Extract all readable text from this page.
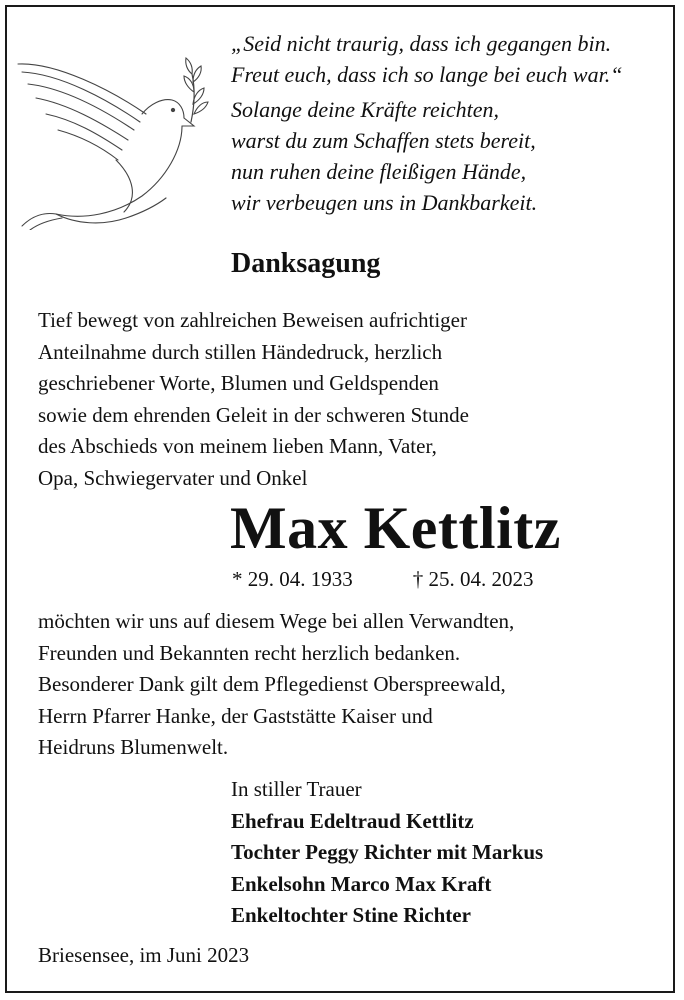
„Seid nicht traurig, dass ich gegangen bin.
Freut euch, dass ich so lange bei euch war.“
Solange deine Kräfte reichten,
warst du zum Schaffen stets bereit,
nun ruhen deine fleißigen Hände,
wir verbeugen uns in Dankbarkeit.
Danksagung
Tief bewegt von zahlreichen Beweisen aufrichtiger
Anteilnahme durch stillen Händedruck, herzlich
geschriebener Worte, Blumen und Geldspenden
sowie dem ehrenden Geleit in der schweren Stunde
des Abschieds von meinem lieben Mann, Vater,
Opa, Schwiegervater und Onkel
Max Kettlitz
* 29. 04. 1933	† 25. 04. 2023
möchten wir uns auf diesem Wege bei allen Verwandten,
Freunden und Bekannten recht herzlich bedanken.
Besonderer Dank gilt dem Pflegedienst Oberspreewald,
Herrn Pfarrer Hanke, der Gaststätte Kaiser und
Heidruns Blumenwelt.
In stiller Trauer
Ehefrau Edeltraud Kettlitz
Tochter Peggy Richter mit Markus
Enkelsohn Marco Max Kraft
Enkeltochter Stine Richter
Briesensee, im Juni 2023
